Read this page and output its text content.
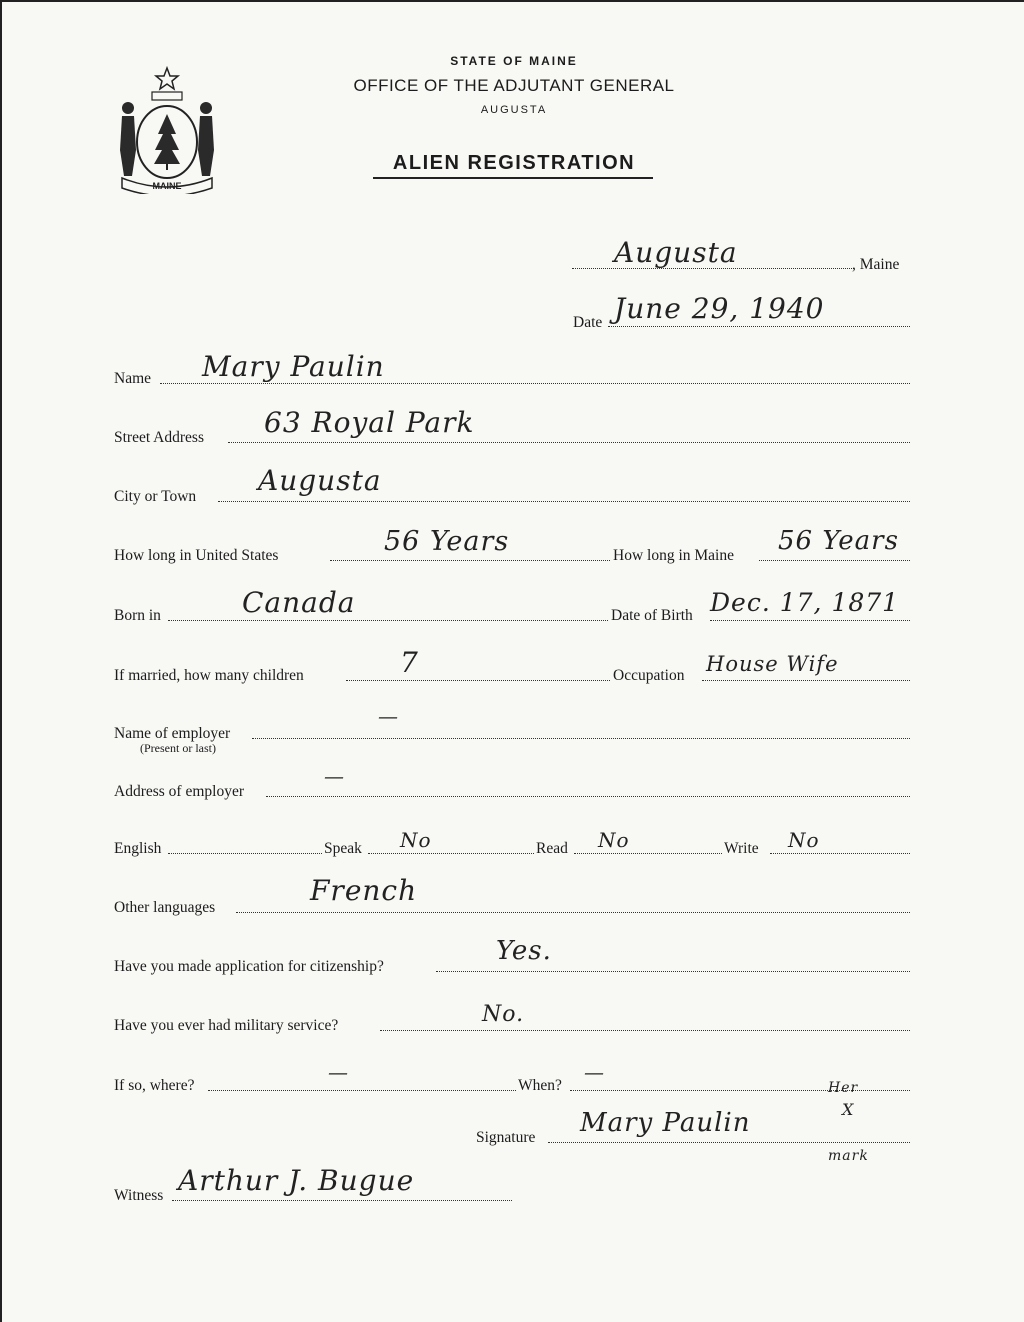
MAINE
STATE OF MAINE
OFFICE OF THE ADJUTANT GENERAL
AUGUSTA
ALIEN REGISTRATION
Augusta	, Maine
Date June 29, 1940
Name Mary Paulin
Street Address 63 Royal Park
City or Town Augusta
How long in United States	56 Years	How long in Maine 56 Years
Born in	Canada	Date of Birth Dec. 17, 1871
If married, how many children	7	Occupation House Wife
Name of employer
(Present or last)
—
Address of employer
—
English	Speak No	Read No	Write No
Other languages
French
Have you made application for citizenship?
Yes.
Have you ever had military service?	No.
If so, where?
—
When?
—
Signature Mary Paulin
Her
X
mark
Witness Arthur J. Bugue
